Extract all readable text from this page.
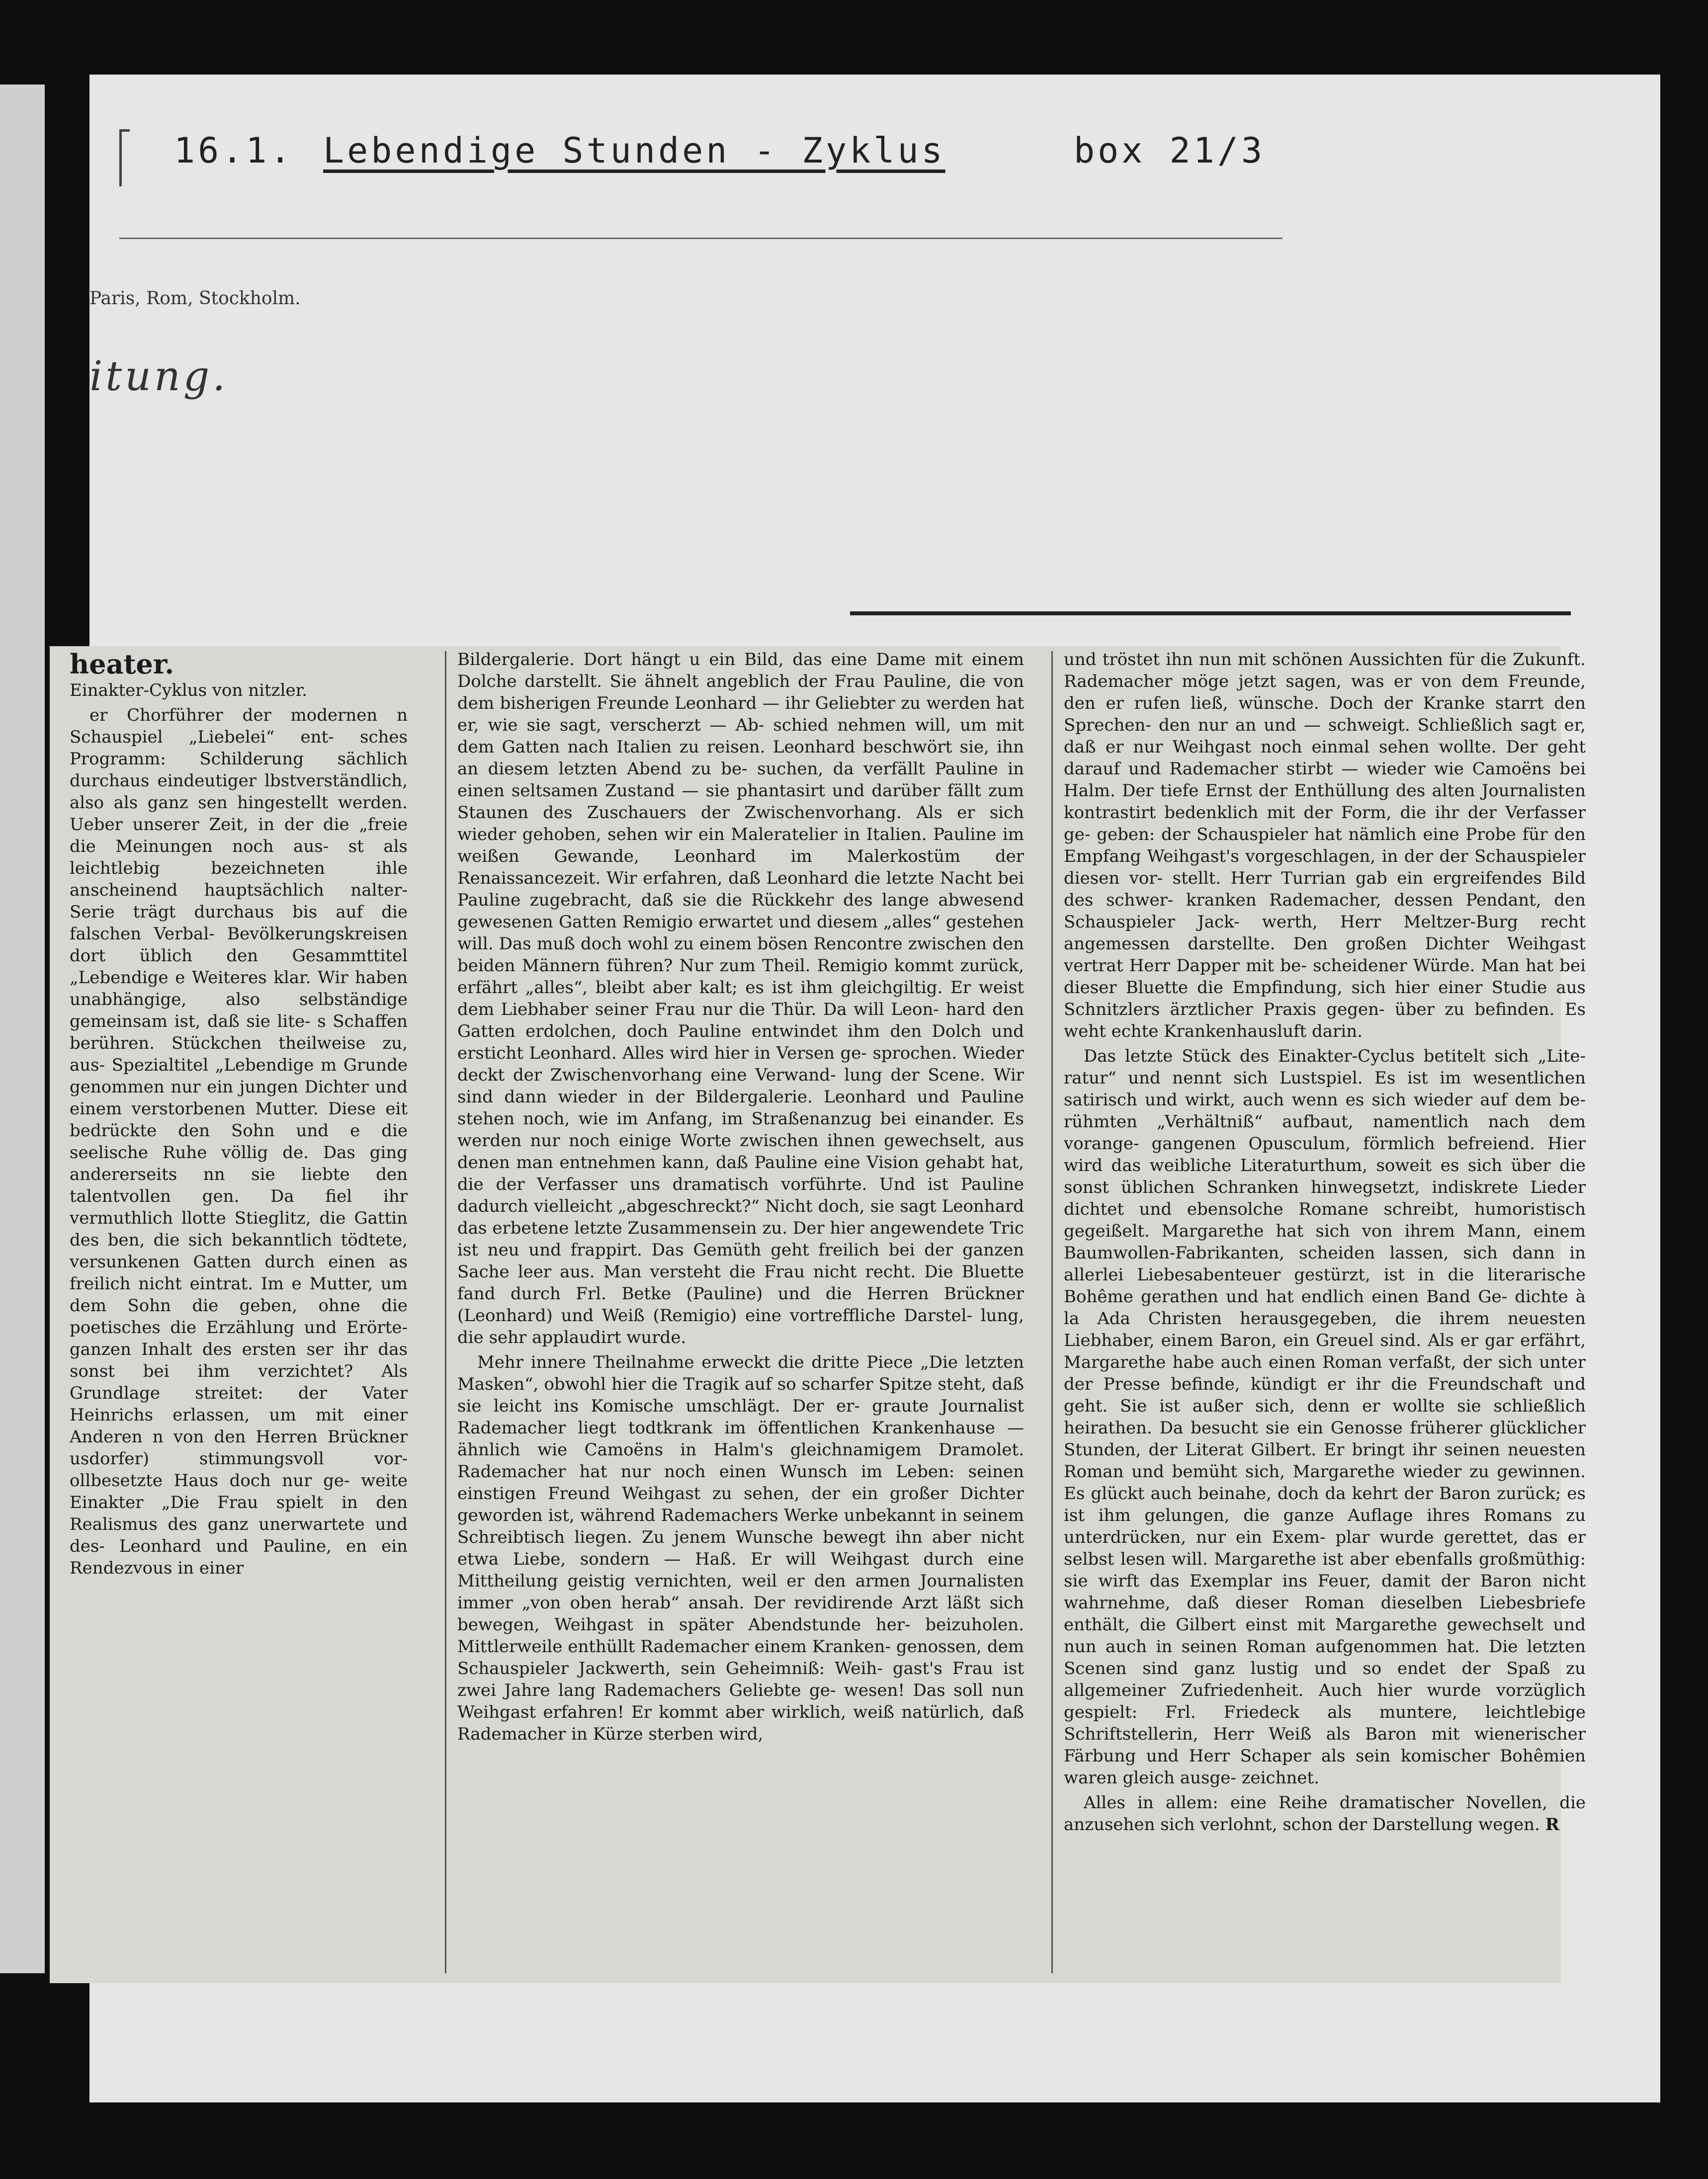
16.1. Lebendige Stunden - Zyklus	box 21/3
Paris, Rom, Stockholm.
itung.
heater.

Einakter-Cyklus von nitzler.

er Chorführer der modernen n Schauspiel „Liebelei“ ent- sches Programm: Schilderung sächlich durchaus eindeutiger lbstverständlich, also als ganz sen hingestellt werden. Ueber unserer Zeit, in der die „freie die Meinungen noch aus- st als leichtlebig bezeichneten ihle anscheinend hauptsächlich nalter-Serie trägt durchaus bis auf die falschen Verbal- Bevölkerungskreisen dort üblich den Gesammttitel „Lebendige e Weiteres klar. Wir haben unabhängige, also selbständige gemeinsam ist, daß sie lite- s Schaffen berühren. Stückchen theilweise zu, aus- Spezialtitel „Lebendige m Grunde genommen nur ein jungen Dichter und einem verstorbenen Mutter. Diese eit bedrückte den Sohn und e die seelische Ruhe völlig de. Das ging andererseits nn sie liebte den talentvollen gen. Da fiel ihr vermuthlich llotte Stieglitz, die Gattin des ben, die sich bekanntlich tödtete, versunkenen Gatten durch einen as freilich nicht eintrat. Im e Mutter, um dem Sohn die geben, ohne die poetisches die Erzählung und Erörte- ganzen Inhalt des ersten ser ihr das sonst bei ihm verzichtet? Als Grundlage streitet: der Vater Heinrichs erlassen, um mit einer Anderen n von den Herren Brückner usdorfer) stimmungsvoll vor- ollbesetzte Haus doch nur ge- weite Einakter „Die Frau spielt in den Realismus des ganz unerwartete und des- Leonhard und Pauline, en ein Rendezvous in einer

Bildergalerie. Dort hängt u ein Bild, das eine Dame mit einem Dolche darstellt. Sie ähnelt angeblich der Frau Pauline, die von dem bisherigen Freunde Leonhard — ihr Geliebter zu werden hat er, wie sie sagt, verscherzt — Ab- schied nehmen will, um mit dem Gatten nach Italien zu reisen. Leonhard beschwört sie, ihn an diesem letzten Abend zu be- suchen, da verfällt Pauline in einen seltsamen Zustand — sie phantasirt und darüber fällt zum Staunen des Zuschauers der Zwischenvorhang. Als er sich wieder gehoben, sehen wir ein Maleratelier in Italien. Pauline im weißen Gewande, Leonhard im Malerkostüm der Renaissancezeit. Wir erfahren, daß Leonhard die letzte Nacht bei Pauline zugebracht, daß sie die Rückkehr des lange abwesend gewesenen Gatten Remigio erwartet und diesem „alles“ gestehen will. Das muß doch wohl zu einem bösen Rencontre zwischen den beiden Männern führen? Nur zum Theil. Remigio kommt zurück, erfährt „alles“, bleibt aber kalt; es ist ihm gleichgiltig. Er weist dem Liebhaber seiner Frau nur die Thür. Da will Leon- hard den Gatten erdolchen, doch Pauline entwindet ihm den Dolch und ersticht Leonhard. Alles wird hier in Versen ge- sprochen. Wieder deckt der Zwischenvorhang eine Verwand- lung der Scene. Wir sind dann wieder in der Bildergalerie. Leonhard und Pauline stehen noch, wie im Anfang, im Straßenanzug bei einander. Es werden nur noch einige Worte zwischen ihnen gewechselt, aus denen man entnehmen kann, daß Pauline eine Vision gehabt hat, die der Verfasser uns dramatisch vorführte. Und ist Pauline dadurch vielleicht „abgeschreckt?“ Nicht doch, sie sagt Leonhard das erbetene letzte Zusammensein zu. Der hier angewendete Tric ist neu und frappirt. Das Gemüth geht freilich bei der ganzen Sache leer aus. Man versteht die Frau nicht recht. Die Bluette fand durch Frl. Betke (Pauline) und die Herren Brückner (Leonhard) und Weiß (Remigio) eine vortreffliche Darstel- lung, die sehr applaudirt wurde.

Mehr innere Theilnahme erweckt die dritte Piece „Die letzten Masken“, obwohl hier die Tragik auf so scharfer Spitze steht, daß sie leicht ins Komische umschlägt. Der er- graute Journalist Rademacher liegt todtkrank im öffentlichen Krankenhause — ähnlich wie Camoëns in Halm's gleichnamigem Dramolet. Rademacher hat nur noch einen Wunsch im Leben: seinen einstigen Freund Weihgast zu sehen, der ein großer Dichter geworden ist, während Rademachers Werke unbekannt in seinem Schreibtisch liegen. Zu jenem Wunsche bewegt ihn aber nicht etwa Liebe, sondern — Haß. Er will Weihgast durch eine Mittheilung geistig vernichten, weil er den armen Journalisten immer „von oben herab“ ansah. Der revidirende Arzt läßt sich bewegen, Weihgast in später Abendstunde her- beizuholen. Mittlerweile enthüllt Rademacher einem Kranken- genossen, dem Schauspieler Jackwerth, sein Geheimniß: Weih- gast's Frau ist zwei Jahre lang Rademachers Geliebte ge- wesen! Das soll nun Weihgast erfahren! Er kommt aber wirklich, weiß natürlich, daß Rademacher in Kürze sterben wird,

und tröstet ihn nun mit schönen Aussichten für die Zukunft. Rademacher möge jetzt sagen, was er von dem Freunde, den er rufen ließ, wünsche. Doch der Kranke starrt den Sprechen- den nur an und — schweigt. Schließlich sagt er, daß er nur Weihgast noch einmal sehen wollte. Der geht darauf und Rademacher stirbt — wieder wie Camoëns bei Halm. Der tiefe Ernst der Enthüllung des alten Journalisten kontrastirt bedenklich mit der Form, die ihr der Verfasser ge- geben: der Schauspieler hat nämlich eine Probe für den Empfang Weihgast's vorgeschlagen, in der der Schauspieler diesen vor- stellt. Herr Turrian gab ein ergreifendes Bild des schwer- kranken Rademacher, dessen Pendant, den Schauspieler Jack- werth, Herr Meltzer-Burg recht angemessen darstellte. Den großen Dichter Weihgast vertrat Herr Dapper mit be- scheidener Würde. Man hat bei dieser Bluette die Empfindung, sich hier einer Studie aus Schnitzlers ärztlicher Praxis gegen- über zu befinden. Es weht echte Krankenhausluft darin.

Das letzte Stück des Einakter-Cyclus betitelt sich „Lite- ratur“ und nennt sich Lustspiel. Es ist im wesentlichen satirisch und wirkt, auch wenn es sich wieder auf dem be- rühmten „Verhältniß“ aufbaut, namentlich nach dem vorange- gangenen Opusculum, förmlich befreiend. Hier wird das weibliche Literaturthum, soweit es sich über die sonst üblichen Schranken hinwegsetzt, indiskrete Lieder dichtet und ebensolche Romane schreibt, humoristisch gegeißelt. Margarethe hat sich von ihrem Mann, einem Baumwollen-Fabrikanten, scheiden lassen, sich dann in allerlei Liebesabenteuer gestürzt, ist in die literarische Bohême gerathen und hat endlich einen Band Ge- dichte à la Ada Christen herausgegeben, die ihrem neuesten Liebhaber, einem Baron, ein Greuel sind. Als er gar erfährt, Margarethe habe auch einen Roman verfaßt, der sich unter der Presse befinde, kündigt er ihr die Freundschaft und geht. Sie ist außer sich, denn er wollte sie schließlich heirathen. Da besucht sie ein Genosse früherer glücklicher Stunden, der Literat Gilbert. Er bringt ihr seinen neuesten Roman und bemüht sich, Margarethe wieder zu gewinnen. Es glückt auch beinahe, doch da kehrt der Baron zurück; es ist ihm gelungen, die ganze Auflage ihres Romans zu unterdrücken, nur ein Exem- plar wurde gerettet, das er selbst lesen will. Margarethe ist aber ebenfalls großmüthig: sie wirft das Exemplar ins Feuer, damit der Baron nicht wahrnehme, daß dieser Roman dieselben Liebesbriefe enthält, die Gilbert einst mit Margarethe gewechselt und nun auch in seinen Roman aufgenommen hat. Die letzten Scenen sind ganz lustig und so endet der Spaß zu allgemeiner Zufriedenheit. Auch hier wurde vorzüglich gespielt: Frl. Friedeck als muntere, leichtlebige Schriftstellerin, Herr Weiß als Baron mit wienerischer Färbung und Herr Schaper als sein komischer Bohêmien waren gleich ausge- zeichnet.

Alles in allem: eine Reihe dramatischer Novellen, die anzusehen sich verlohnt, schon der Darstellung wegen. R
